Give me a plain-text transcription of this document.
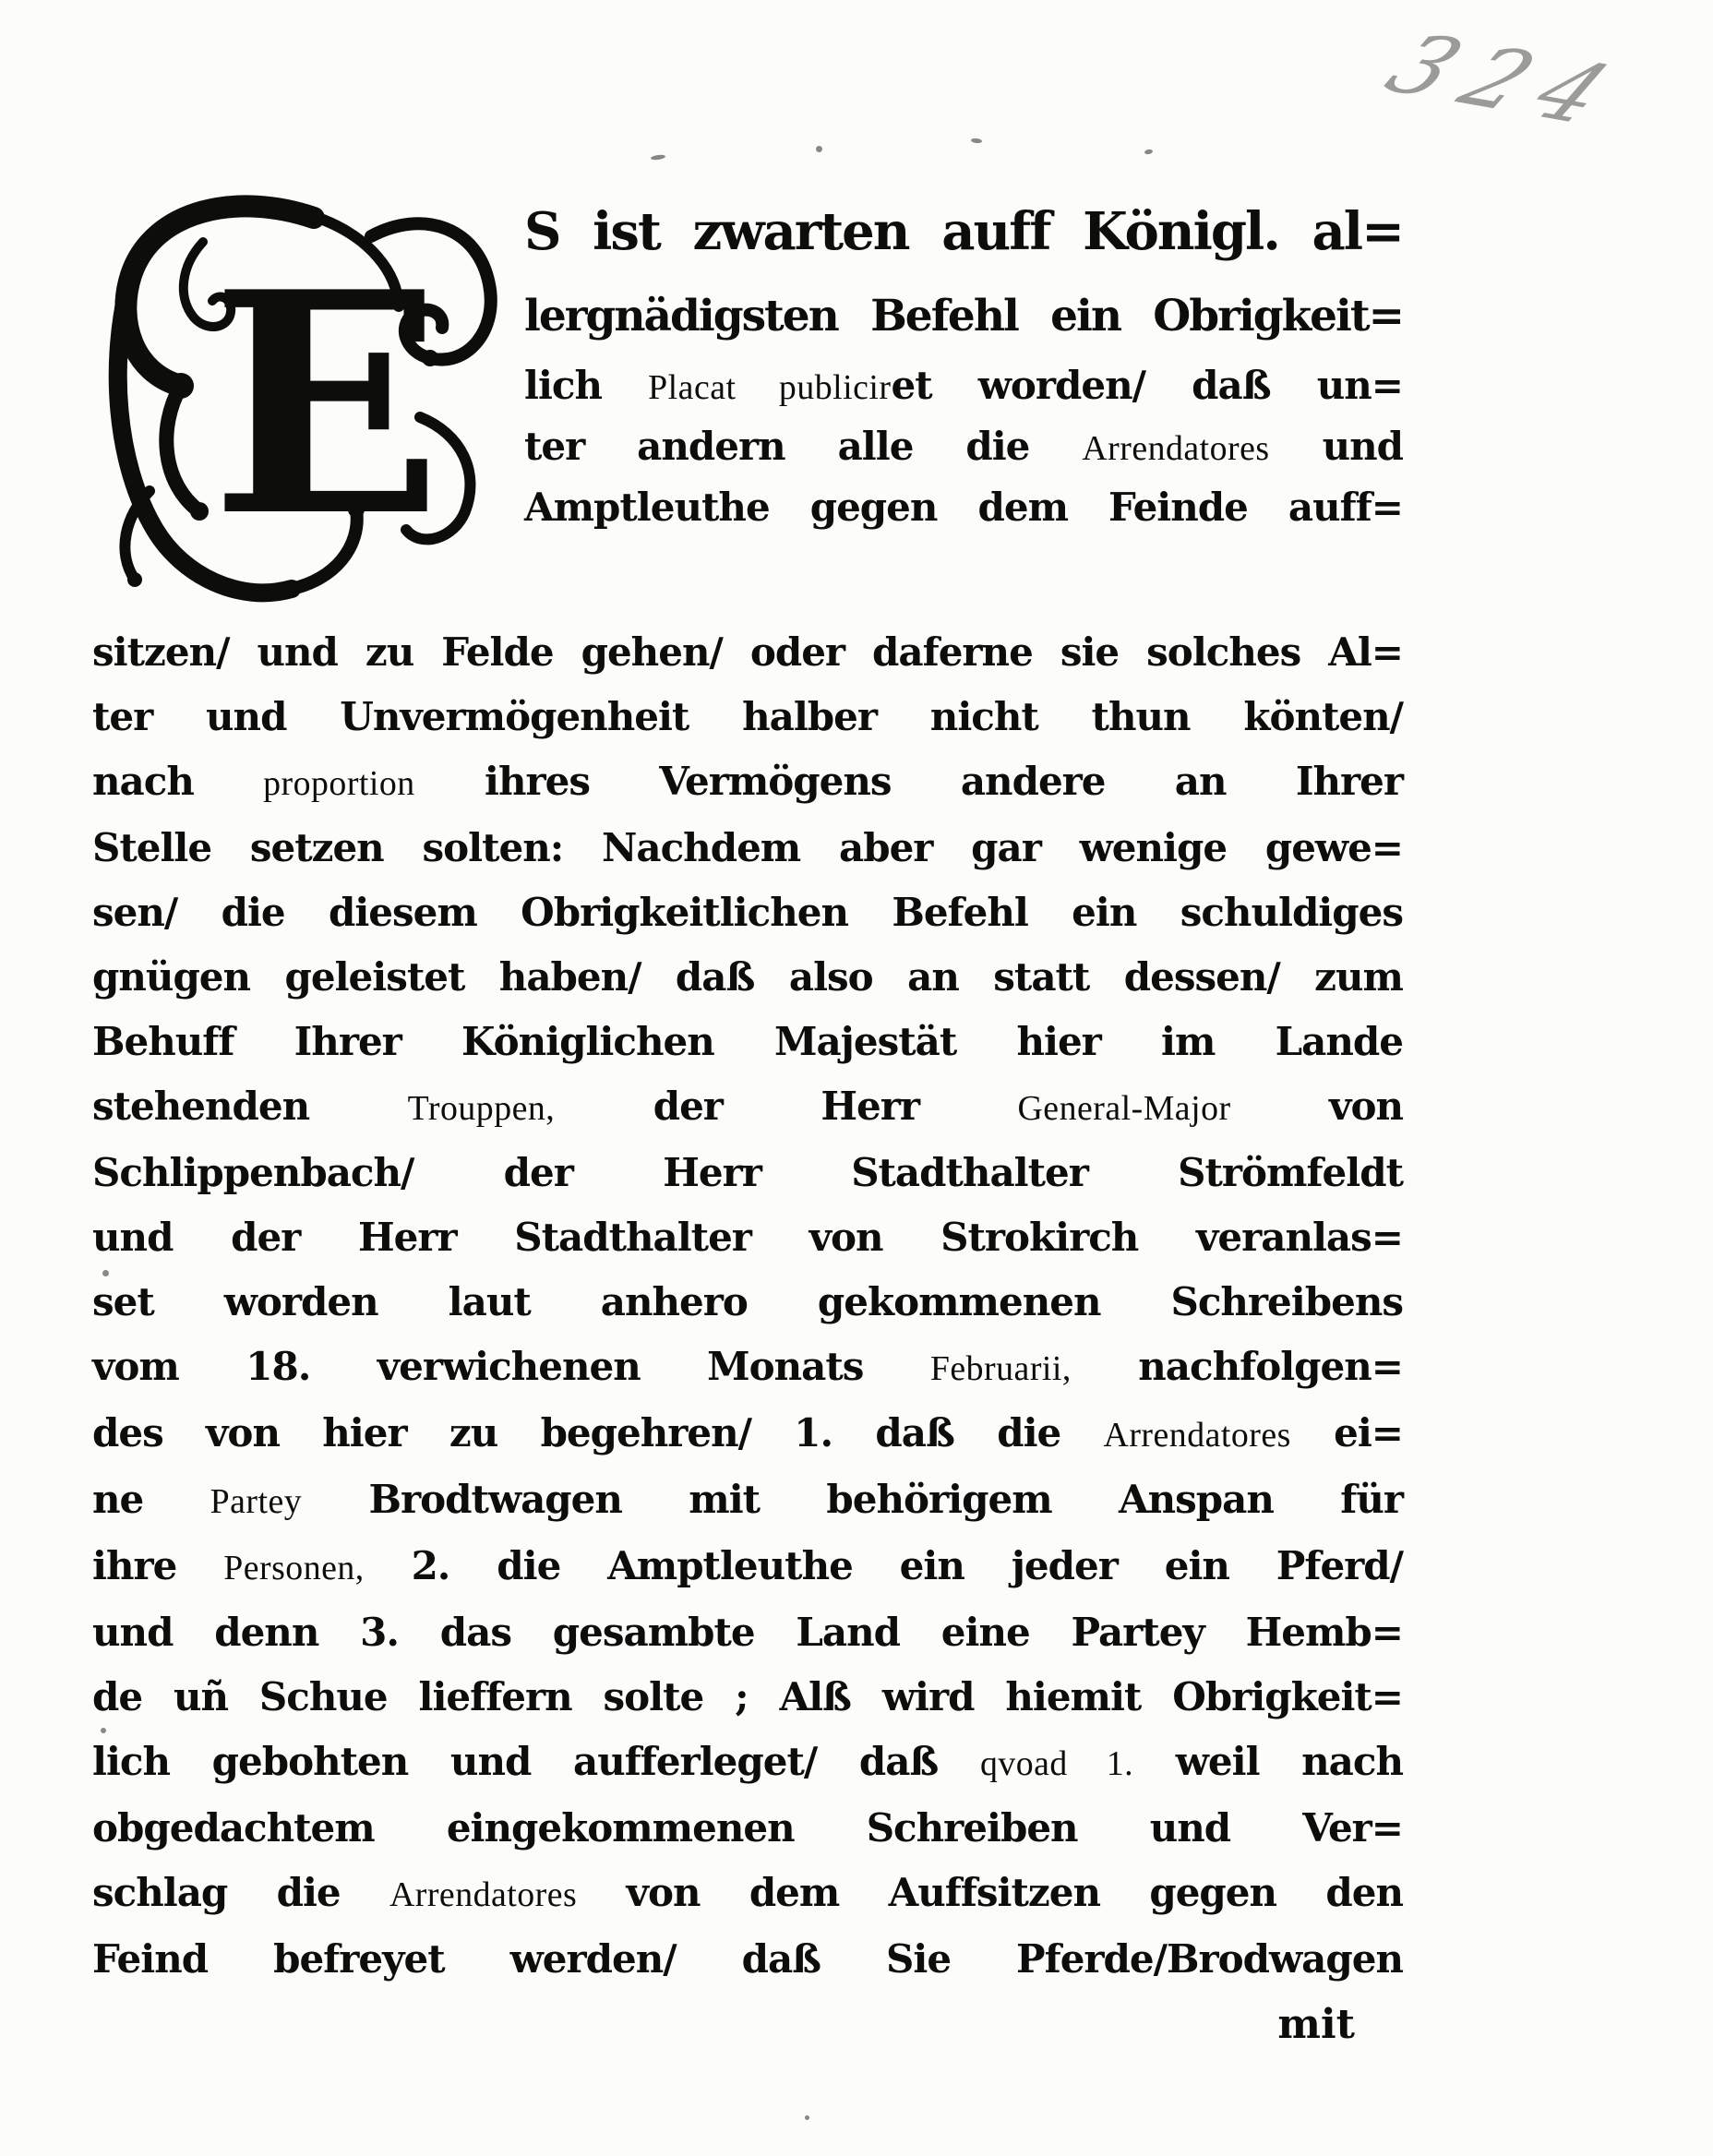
324
E	S ist zwarten auff Königl. al=
lergnädigsten Befehl ein Obrigkeit=
lich Placat publiciret worden/ daß un=
ter andern alle die Arrendatores und
Amptleuthe gegen dem Feinde auff=
sitzen/ und zu Felde gehen/ oder daferne sie solches Al=
ter und Unvermögenheit halber nicht thun könten/
nach proportion ihres Vermögens andere an Ihrer
Stelle setzen solten: Nachdem aber gar wenige gewe=
sen/ die diesem Obrigkeitlichen Befehl ein schuldiges
gnügen geleistet haben/ daß also an statt dessen/ zum
Behuff Ihrer Königlichen Majestät hier im Lande
stehenden Trouppen, der Herr General-Major von
Schlippenbach/ der Herr Stadthalter Strömfeldt
und der Herr Stadthalter von Strokirch veranlas=
set worden laut anhero gekommenen Schreibens
vom 18. verwichenen Monats Februarii, nachfolgen=
des von hier zu begehren/ 1. daß die Arrendatores ei=
ne Partey Brodtwagen mit behörigem Anspan für
ihre Personen, 2. die Amptleuthe ein jeder ein Pferd/
und denn 3. das gesambte Land eine Partey Hemb=
de uñ Schue lieffern solte ; Alß wird hiemit Obrigkeit=
lich gebohten und aufferleget/ daß qvoad 1. weil nach
obgedachtem eingekommenen Schreiben und Ver=
schlag die Arrendatores von dem Auffsitzen gegen den
Feind befreyet werden/ daß Sie Pferde/Brodwagen
mit
